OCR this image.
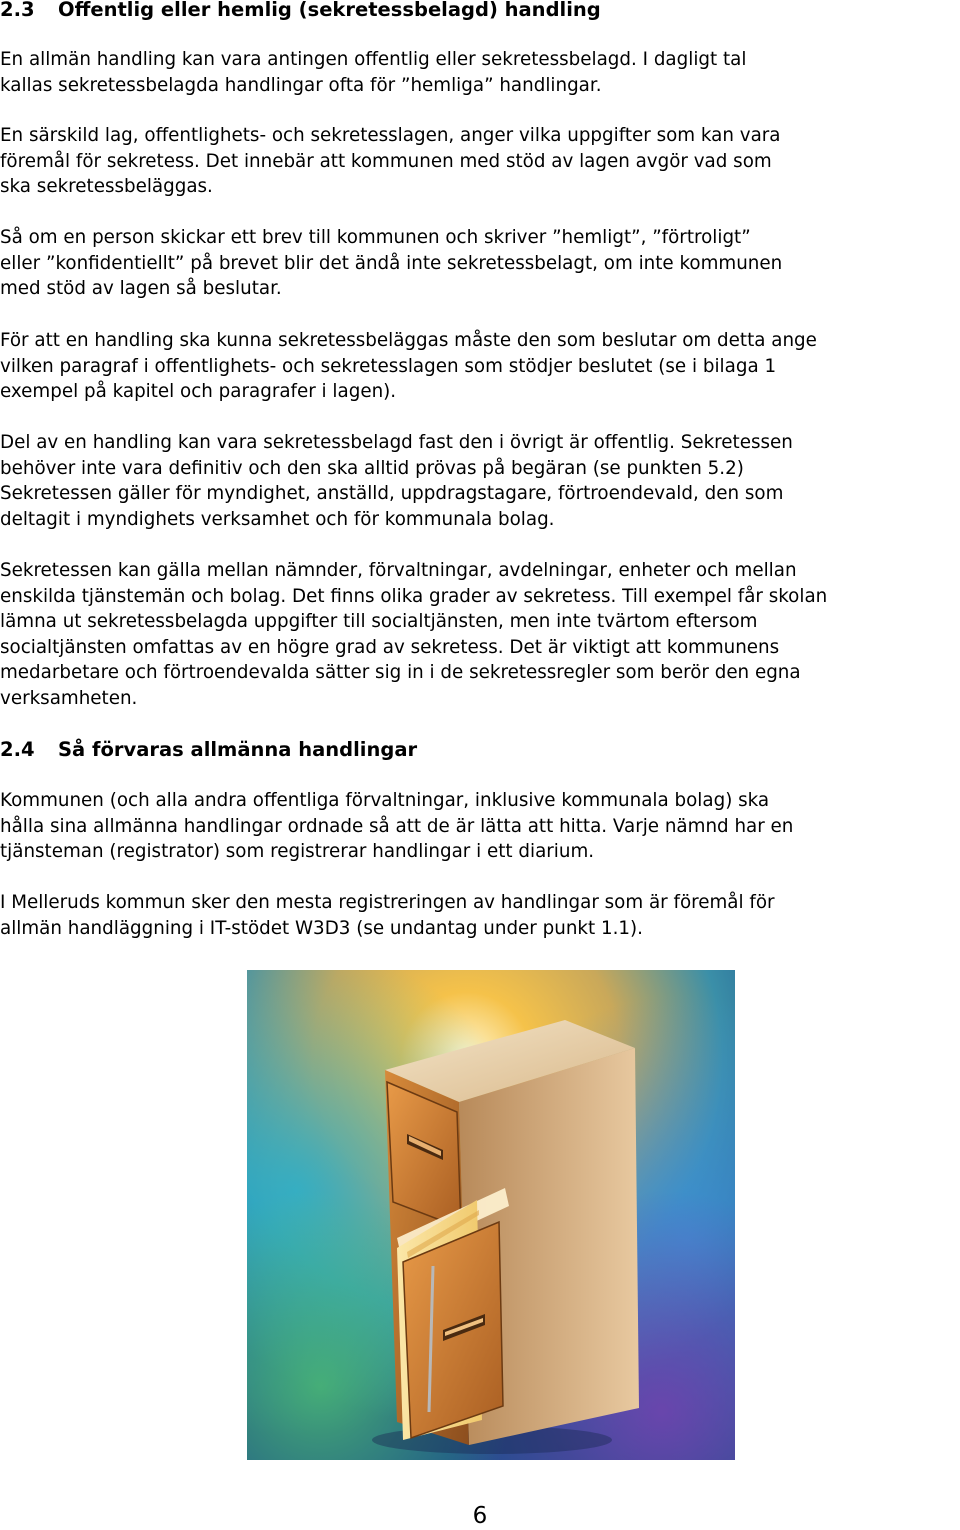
2.3 Offentlig eller hemlig (sekretessbelagd) handling

En allmän handling kan vara antingen offentlig eller sekretessbelagd. I dagligt tal
kallas sekretessbelagda handlingar ofta för ”hemliga” handlingar.

En särskild lag, offentlighets- och sekretesslagen, anger vilka uppgifter som kan vara
föremål för sekretess. Det innebär att kommunen med stöd av lagen avgör vad som
ska sekretessbeläggas.

Så om en person skickar ett brev till kommunen och skriver ”hemligt”, ”förtroligt”
eller ”konfidentiellt” på brevet blir det ändå inte sekretessbelagt, om inte kommunen
med stöd av lagen så beslutar.

För att en handling ska kunna sekretessbeläggas måste den som beslutar om detta ange
vilken paragraf i offentlighets- och sekretesslagen som stödjer beslutet (se i bilaga 1
exempel på kapitel och paragrafer i lagen).

Del av en handling kan vara sekretessbelagd fast den i övrigt är offentlig. Sekretessen
behöver inte vara definitiv och den ska alltid prövas på begäran (se punkten 5.2)
Sekretessen gäller för myndighet, anställd, uppdragstagare, förtroendevald, den som
deltagit i myndighets verksamhet och för kommunala bolag.

Sekretessen kan gälla mellan nämnder, förvaltningar, avdelningar, enheter och mellan
enskilda tjänstemän och bolag. Det finns olika grader av sekretess. Till exempel får skolan
lämna ut sekretessbelagda uppgifter till socialtjänsten, men inte tvärtom eftersom
socialtjänsten omfattas av en högre grad av sekretess. Det är viktigt att kommunens
medarbetare och förtroendevalda sätter sig in i de sekretessregler som berör den egna
verksamheten.

2.4 Så förvaras allmänna handlingar

Kommunen (och alla andra offentliga förvaltningar, inklusive kommunala bolag) ska
hålla sina allmänna handlingar ordnade så att de är lätta att hitta. Varje nämnd har en
tjänsteman (registrator) som registrerar handlingar i ett diarium.

I Melleruds kommun sker den mesta registreringen av handlingar som är föremål för
allmän handläggning i IT-stödet W3D3 (se undantag under punkt 1.1).

6
